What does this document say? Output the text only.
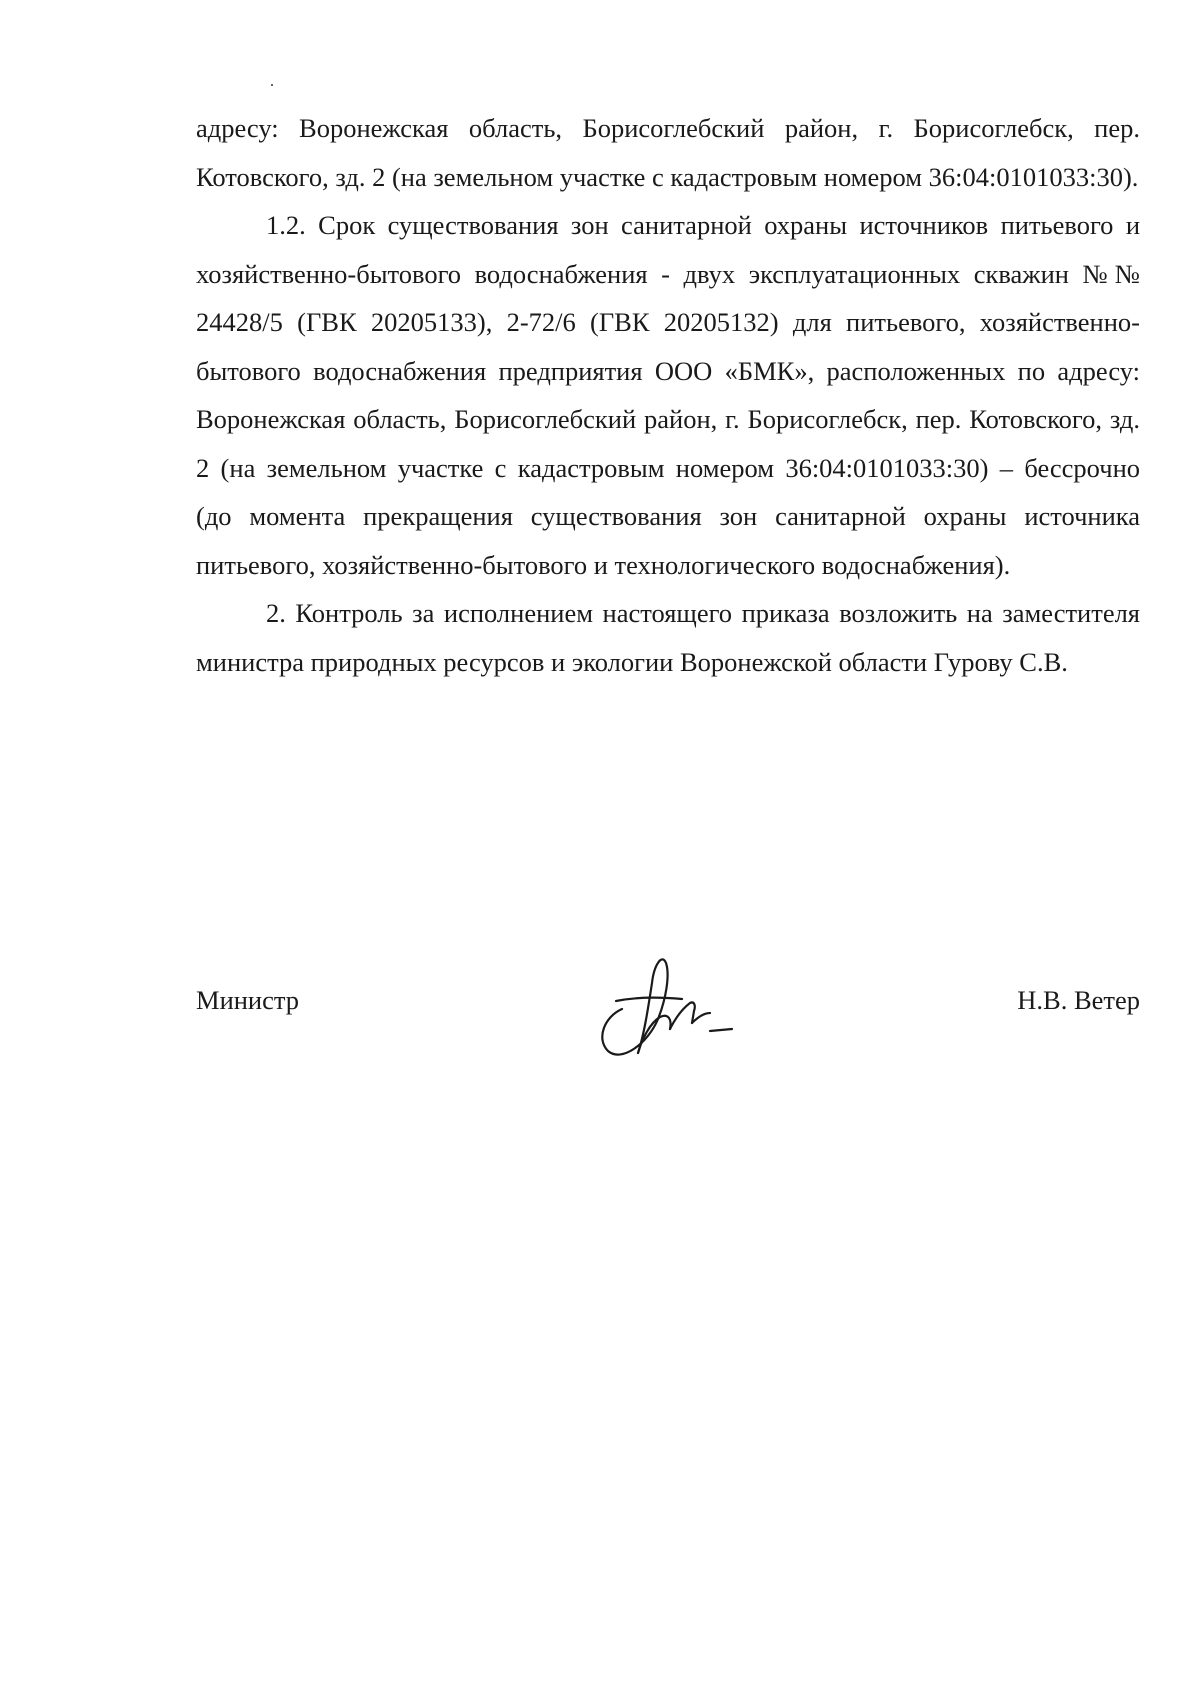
адресу: Воронежская область, Борисоглебский район, г. Борисоглебск, пер. Котовского, зд. 2 (на земельном участке с кадастровым номером 36:04:0101033:30).

1.2. Срок существования зон санитарной охраны источников питьевого и хозяйственно-бытового водоснабжения - двух эксплуатационных скважин №№ 24428/5 (ГВК 20205133), 2-72/6 (ГВК 20205132) для питьевого, хозяйственно-бытового водоснабжения предприятия ООО «БМК», расположенных по адресу: Воронежская область, Борисоглебский район, г. Борисоглебск, пер. Котовского, зд. 2 (на земельном участке с кадастровым номером 36:04:0101033:30) – бессрочно (до момента прекращения существования зон санитарной охраны источника питьевого, хозяйственно-бытового и технологического водоснабжения).

2. Контроль за исполнением настоящего приказа возложить на заместителя министра природных ресурсов и экологии Воронежской области Гурову С.В.

Министр	Н.В. Ветер
